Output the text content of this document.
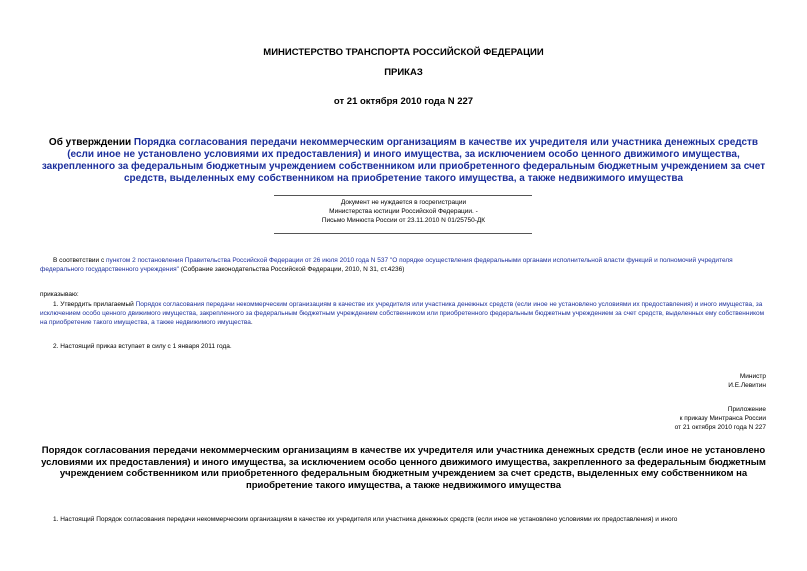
МИНИСТЕРСТВО ТРАНСПОРТА РОССИЙСКОЙ ФЕДЕРАЦИИ
ПРИКАЗ
от 21 октября 2010 года N 227
Об утверждении Порядка согласования передачи некоммерческим организациям в качестве их учредителя или участника денежных средств (если иное не установлено условиями их предоставления) и иного имущества, за исключением особо ценного движимого имущества, закрепленного за федеральным бюджетным учреждением собственником или приобретенного федеральным бюджетным учреждением за счет средств, выделенных ему собственником на приобретение такого имущества, а также недвижимого имущества
Документ не нуждается в госрегистрации
Министерства юстиции Российской Федерации. -
Письмо Минюста России от 23.11.2010 N 01/25750-ДК
В соответствии с пунктом 2 постановления Правительства Российской Федерации от 26 июля 2010 года N 537 "О порядке осуществления федеральными органами исполнительной власти функций и полномочий учредителя федерального государственного учреждения" (Собрание законодательства Российской Федерации, 2010, N 31, ст.4236)
приказываю:
1. Утвердить прилагаемый Порядок согласования передачи некоммерческим организациям в качестве их учредителя или участника денежных средств (если иное не установлено условиями их предоставления) и иного имущества, за исключением особо ценного движимого имущества, закрепленного за федеральным бюджетным учреждением собственником или приобретенного федеральным бюджетным учреждением за счет средств, выделенных ему собственником на приобретение такого имущества, а также недвижимого имущества.
2. Настоящий приказ вступает в силу с 1 января 2011 года.
Министр
И.Е.Левитин
Приложение
к приказу Минтранса России
от 21 октября 2010 года N 227
Порядок согласования передачи некоммерческим организациям в качестве их учредителя или участника денежных средств (если иное не установлено условиями их предоставления) и иного имущества, за исключением особо ценного движимого имущества, закрепленного за федеральным бюджетным учреждением собственником или приобретенного федеральным бюджетным учреждением за счет средств, выделенных ему собственником на приобретение такого имущества, а также недвижимого имущества
1. Настоящий Порядок согласования передачи некоммерческим организациям в качестве их учредителя или участника денежных средств (если иное не установлено условиями их предоставления) и иного
